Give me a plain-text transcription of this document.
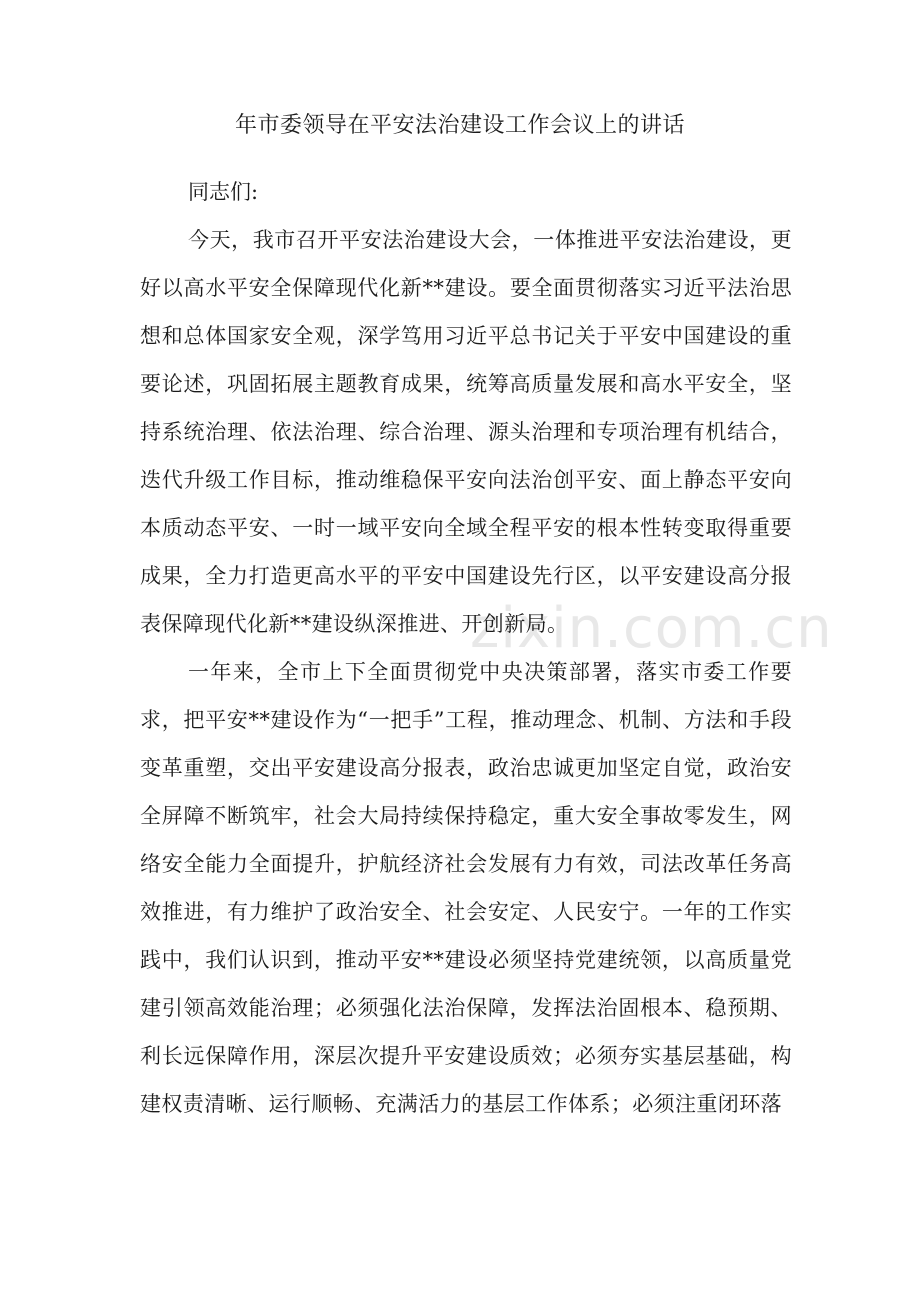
zixin.com.cn
年市委领导在平安法治建设工作会议上的讲话

同志们:

今天，我市召开平安法治建设大会，一体推进平安法治建设，更好以高水平安全保障现代化新**建设。要全面贯彻落实习近平法治思想和总体国家安全观，深学笃用习近平总书记关于平安中国建设的重要论述，巩固拓展主题教育成果，统筹高质量发展和高水平安全，坚持系统治理、依法治理、综合治理、源头治理和专项治理有机结合，迭代升级工作目标，推动维稳保平安向法治创平安、面上静态平安向本质动态平安、一时一域平安向全域全程平安的根本性转变取得重要成果，全力打造更高水平的平安中国建设先行区，以平安建设高分报表保障现代化新**建设纵深推进、开创新局。

一年来，全市上下全面贯彻党中央决策部署，落实市委工作要求，把平安**建设作为“一把手”工程，推动理念、机制、方法和手段变革重塑，交出平安建设高分报表，政治忠诚更加坚定自觉，政治安全屏障不断筑牢，社会大局持续保持稳定，重大安全事故零发生，网络安全能力全面提升，护航经济社会发展有力有效，司法改革任务高效推进，有力维护了政治安全、社会安定、人民安宁。一年的工作实践中，我们认识到，推动平安**建设必须坚持党建统领，以高质量党建引领高效能治理；必须强化法治保障，发挥法治固根本、稳预期、利长远保障作用，深层次提升平安建设质效；必须夯实基层基础，构建权责清晰、运行顺畅、充满活力的基层工作体系；必须注重闭环落
